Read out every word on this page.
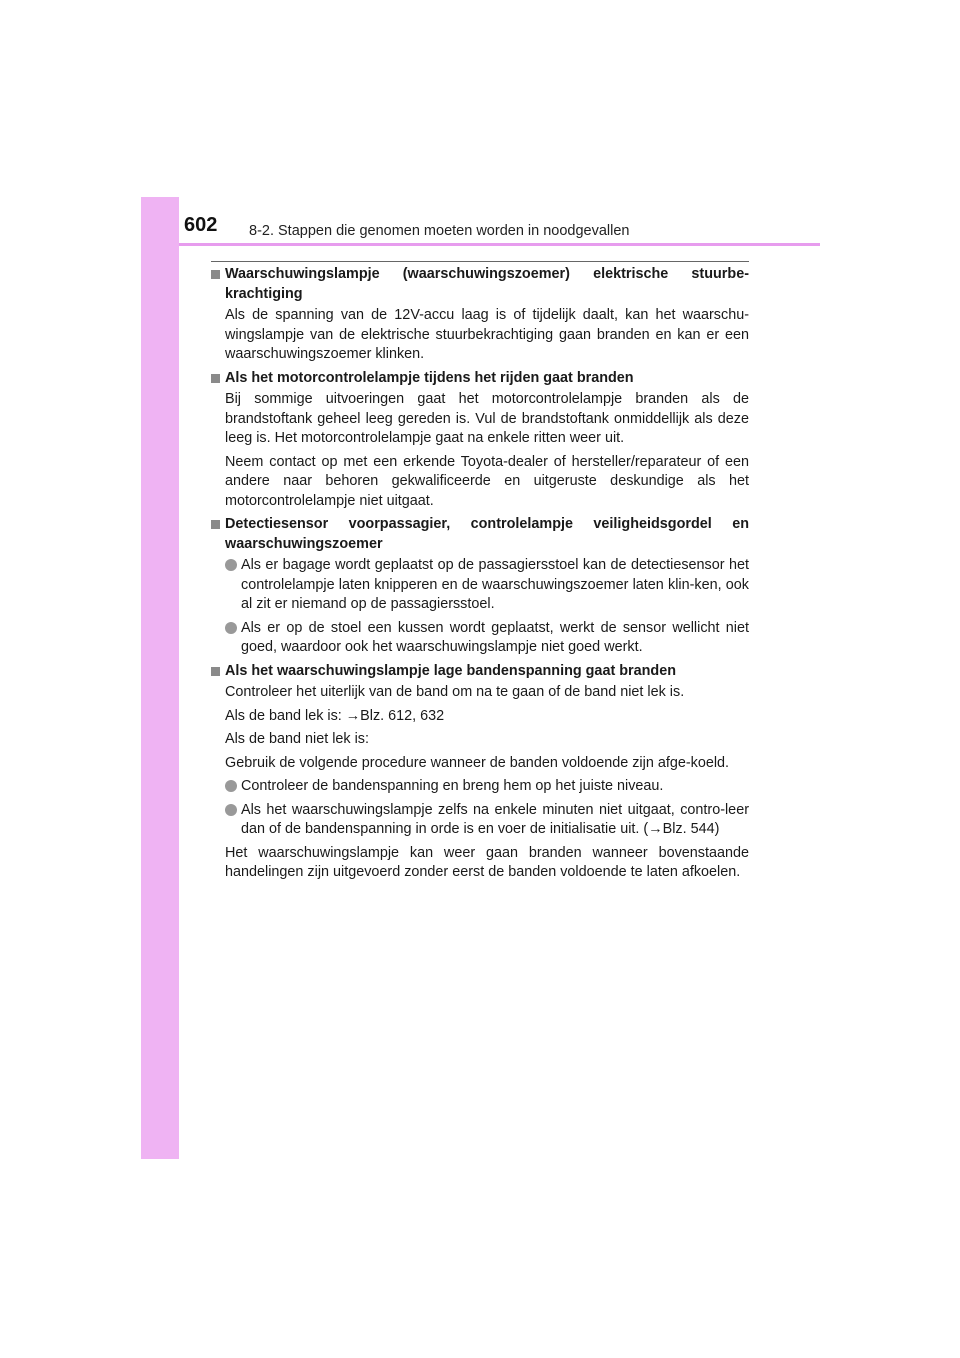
602 8-2. Stappen die genomen moeten worden in noodgevallen
Waarschuwingslampje (waarschuwingszoemer) elektrische stuurbe-krachtiging
Als de spanning van de 12V-accu laag is of tijdelijk daalt, kan het waarschu-wingslampje van de elektrische stuurbekrachtiging gaan branden en kan er een waarschuwingszoemer klinken.
Als het motorcontrolelampje tijdens het rijden gaat branden
Bij sommige uitvoeringen gaat het motorcontrolelampje branden als de brandstoftank geheel leeg gereden is. Vul de brandstoftank onmiddellijk als deze leeg is. Het motorcontrolelampje gaat na enkele ritten weer uit.
Neem contact op met een erkende Toyota-dealer of hersteller/reparateur of een andere naar behoren gekwalificeerde en uitgeruste deskundige als het motorcontrolelampje niet uitgaat.
Detectiesensor voorpassagier, controlelampje veiligheidsgordel en waarschuwingszoemer
Als er bagage wordt geplaatst op de passagiersstoel kan de detectiesensor het controlelampje laten knipperen en de waarschuwingszoemer laten klin-ken, ook al zit er niemand op de passagiersstoel.
Als er op de stoel een kussen wordt geplaatst, werkt de sensor wellicht niet goed, waardoor ook het waarschuwingslampje niet goed werkt.
Als het waarschuwingslampje lage bandenspanning gaat branden
Controleer het uiterlijk van de band om na te gaan of de band niet lek is.
Als de band lek is: →Blz. 612, 632
Als de band niet lek is:
Gebruik de volgende procedure wanneer de banden voldoende zijn afge-koeld.
Controleer de bandenspanning en breng hem op het juiste niveau.
Als het waarschuwingslampje zelfs na enkele minuten niet uitgaat, contro-leer dan of de bandenspanning in orde is en voer de initialisatie uit. (→Blz. 544)
Het waarschuwingslampje kan weer gaan branden wanneer bovenstaande handelingen zijn uitgevoerd zonder eerst de banden voldoende te laten afkoelen.
